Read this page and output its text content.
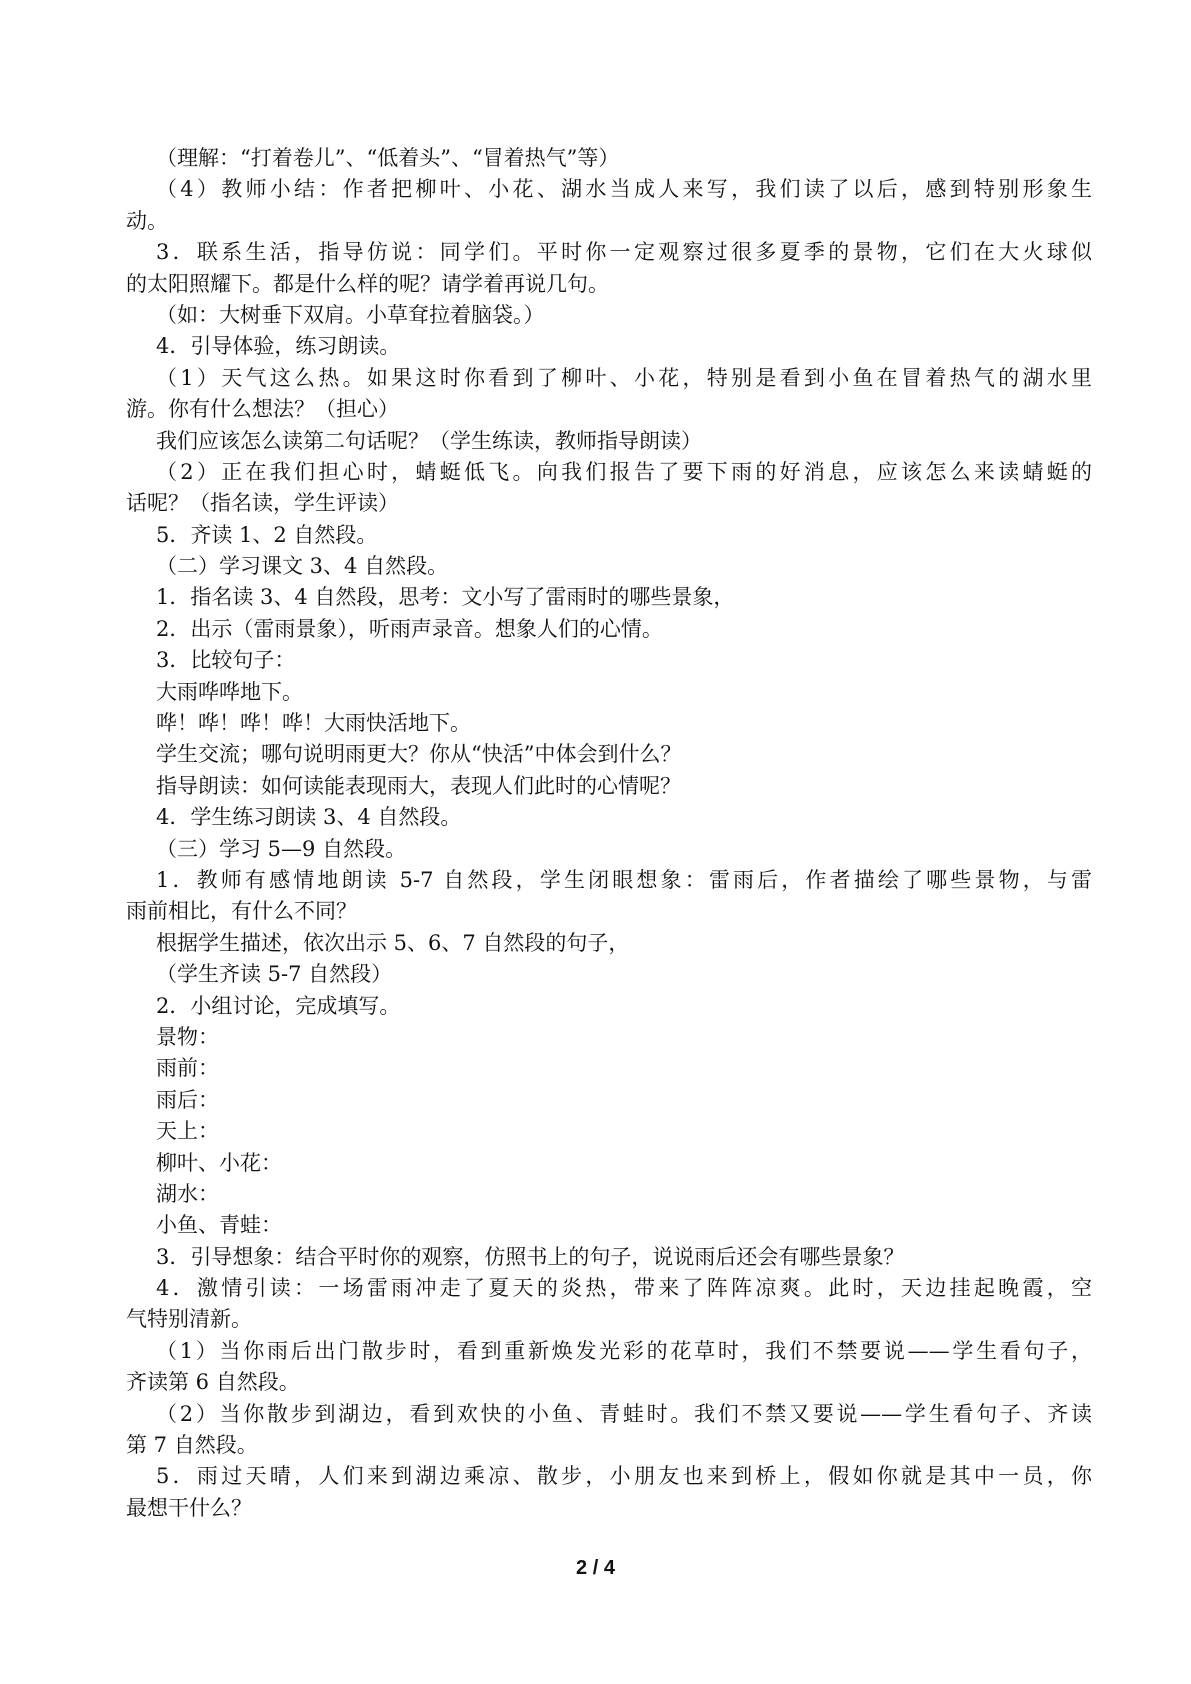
（理解：“打着卷儿”、“低着头”、“冒着热气”等）
（4）教师小结：作者把柳叶、小花、湖水当成人来写，我们读了以后，感到特别形象生
动。
3．联系生活，指导仿说：同学们。平时你一定观察过很多夏季的景物，它们在大火球似
的太阳照耀下。都是什么样的呢？请学着再说几句。
（如：大树垂下双肩。小草耷拉着脑袋。）
4．引导体验，练习朗读。
（1）天气这么热。如果这时你看到了柳叶、小花，特别是看到小鱼在冒着热气的湖水里
游。你有什么想法？（担心）
我们应该怎么读第二句话呢？（学生练读，教师指导朗读）
（2）正在我们担心时，蜻蜓低飞。向我们报告了要下雨的好消息，应该怎么来读蜻蜓的
话呢？（指名读，学生评读）
5．齐读 1、2 自然段。
（二）学习课文 3、4 自然段。
1．指名读 3、4 自然段，思考：文小写了雷雨时的哪些景象，
2．出示（雷雨景象），听雨声录音。想象人们的心情。
3．比较句子：
大雨哗哗地下。
哗！哗！哗！哗！大雨快活地下。
学生交流；哪句说明雨更大？你从“快活”中体会到什么？
指导朗读：如何读能表现雨大，表现人们此时的心情呢？
4．学生练习朗读 3、4 自然段。
（三）学习 5—9 自然段。
1．教师有感情地朗读 5-7 自然段，学生闭眼想象：雷雨后，作者描绘了哪些景物，与雷
雨前相比，有什么不同？
根据学生描述，依次出示 5、6、7 自然段的句子，
（学生齐读 5-7 自然段）
2．小组讨论，完成填写。
景物：
雨前：
雨后：
天上：
柳叶、小花：
湖水：
小鱼、青蛙：
3．引导想象：结合平时你的观察，仿照书上的句子，说说雨后还会有哪些景象？
4．激情引读：一场雷雨冲走了夏天的炎热，带来了阵阵凉爽。此时，天边挂起晚霞，空
气特别清新。
（1）当你雨后出门散步时，看到重新焕发光彩的花草时，我们不禁要说——学生看句子，
齐读第 6 自然段。
（2）当你散步到湖边，看到欢快的小鱼、青蛙时。我们不禁又要说——学生看句子、齐读
第 7 自然段。
5．雨过天晴，人们来到湖边乘凉、散步，小朋友也来到桥上，假如你就是其中一员，你
最想干什么？
2 / 4
